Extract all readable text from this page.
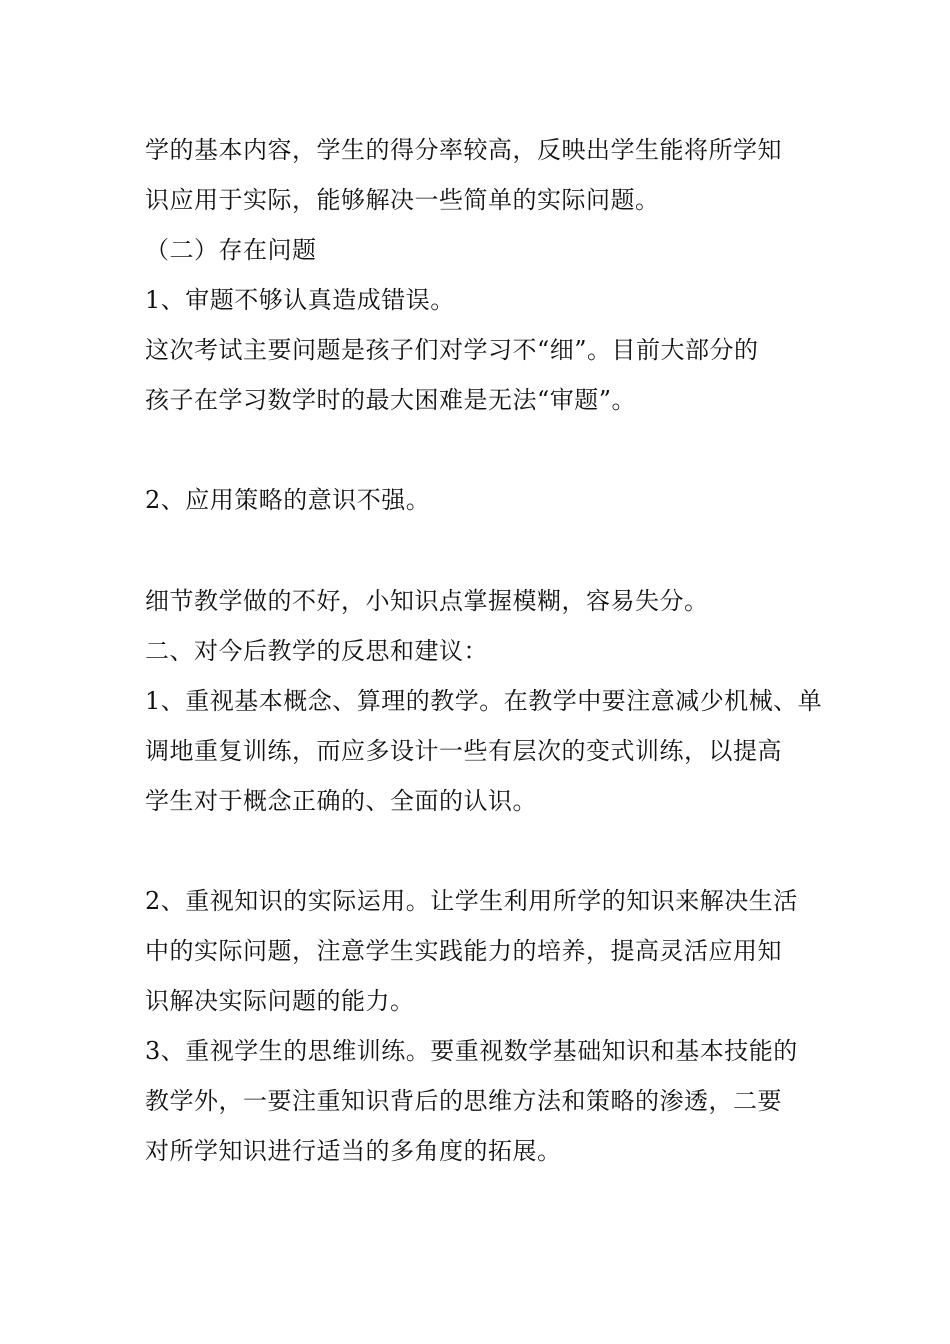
学的基本内容，学生的得分率较高，反映出学生能将所学知
识应用于实际，能够解决一些简单的实际问题。
（二）存在问题
1、审题不够认真造成错误。
这次考试主要问题是孩子们对学习不“细”。目前大部分的
孩子在学习数学时的最大困难是无法“审题”。
2、应用策略的意识不强。
细节教学做的不好，小知识点掌握模糊，容易失分。
二、对今后教学的反思和建议：
1、重视基本概念、算理的教学。在教学中要注意减少机械、单
调地重复训练，而应多设计一些有层次的变式训练，以提高
学生对于概念正确的、全面的认识。
2、重视知识的实际运用。让学生利用所学的知识来解决生活
中的实际问题，注意学生实践能力的培养，提高灵活应用知
识解决实际问题的能力。
3、重视学生的思维训练。要重视数学基础知识和基本技能的
教学外，一要注重知识背后的思维方法和策略的渗透，二要
对所学知识进行适当的多角度的拓展。
